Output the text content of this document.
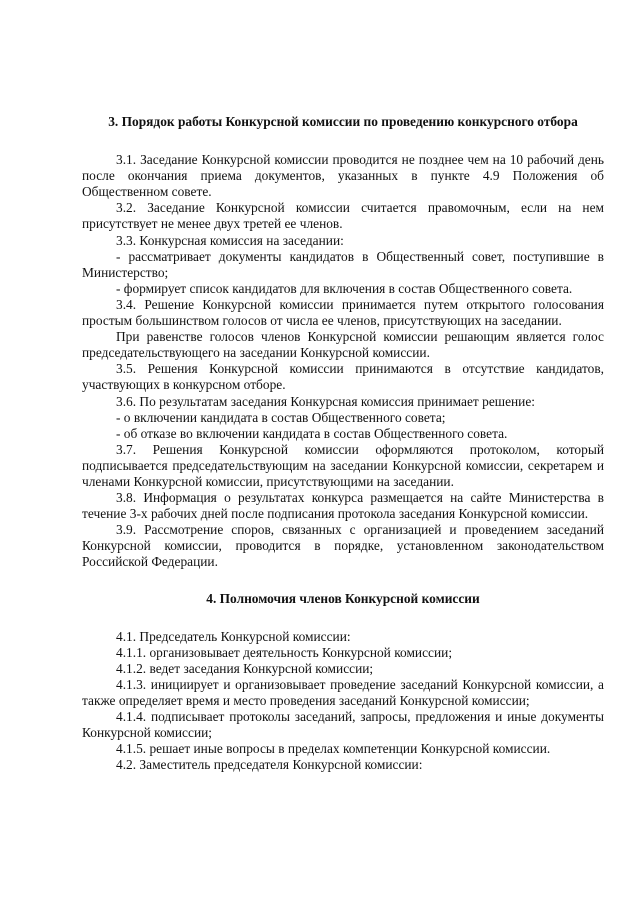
3. Порядок работы Конкурсной комиссии по проведению конкурсного отбора

3.1. Заседание Конкурсной комиссии проводится не позднее чем на 10 рабочий день после окончания приема документов, указанных в пункте 4.9 Положения об Общественном совете.

3.2. Заседание Конкурсной комиссии считается правомочным, если на нем присутствует не менее двух третей ее членов.

3.3. Конкурсная комиссия на заседании:

- рассматривает документы кандидатов в Общественный совет, поступившие в Министерство;

- формирует список кандидатов для включения в состав Общественного совета.

3.4. Решение Конкурсной комиссии принимается путем открытого голосования простым большинством голосов от числа ее членов, присутствующих на заседании.

При равенстве голосов членов Конкурсной комиссии решающим является голос председательствующего на заседании Конкурсной комиссии.

3.5. Решения Конкурсной комиссии принимаются в отсутствие кандидатов, участвующих в конкурсном отборе.

3.6. По результатам заседания Конкурсная комиссия принимает решение:

- о включении кандидата в состав Общественного совета;

- об отказе во включении кандидата в состав Общественного совета.

3.7. Решения Конкурсной комиссии оформляются протоколом, который подписывается председательствующим на заседании Конкурсной комиссии, секретарем и членами Конкурсной комиссии, присутствующими на заседании.

3.8. Информация о результатах конкурса размещается на сайте Министерства в течение 3-х рабочих дней после подписания протокола заседания Конкурсной комиссии.

3.9. Рассмотрение споров, связанных с организацией и проведением заседаний Конкурсной комиссии, проводится в порядке, установленном законодательством Российской Федерации.

4. Полномочия членов Конкурсной комиссии

4.1. Председатель Конкурсной комиссии:

4.1.1. организовывает деятельность Конкурсной комиссии;

4.1.2. ведет заседания Конкурсной комиссии;

4.1.3. инициирует и организовывает проведение заседаний Конкурсной комиссии, а также определяет время и место проведения заседаний Конкурсной комиссии;

4.1.4. подписывает протоколы заседаний, запросы, предложения и иные документы Конкурсной комиссии;

4.1.5. решает иные вопросы в пределах компетенции Конкурсной комиссии.

4.2. Заместитель председателя Конкурсной комиссии:
